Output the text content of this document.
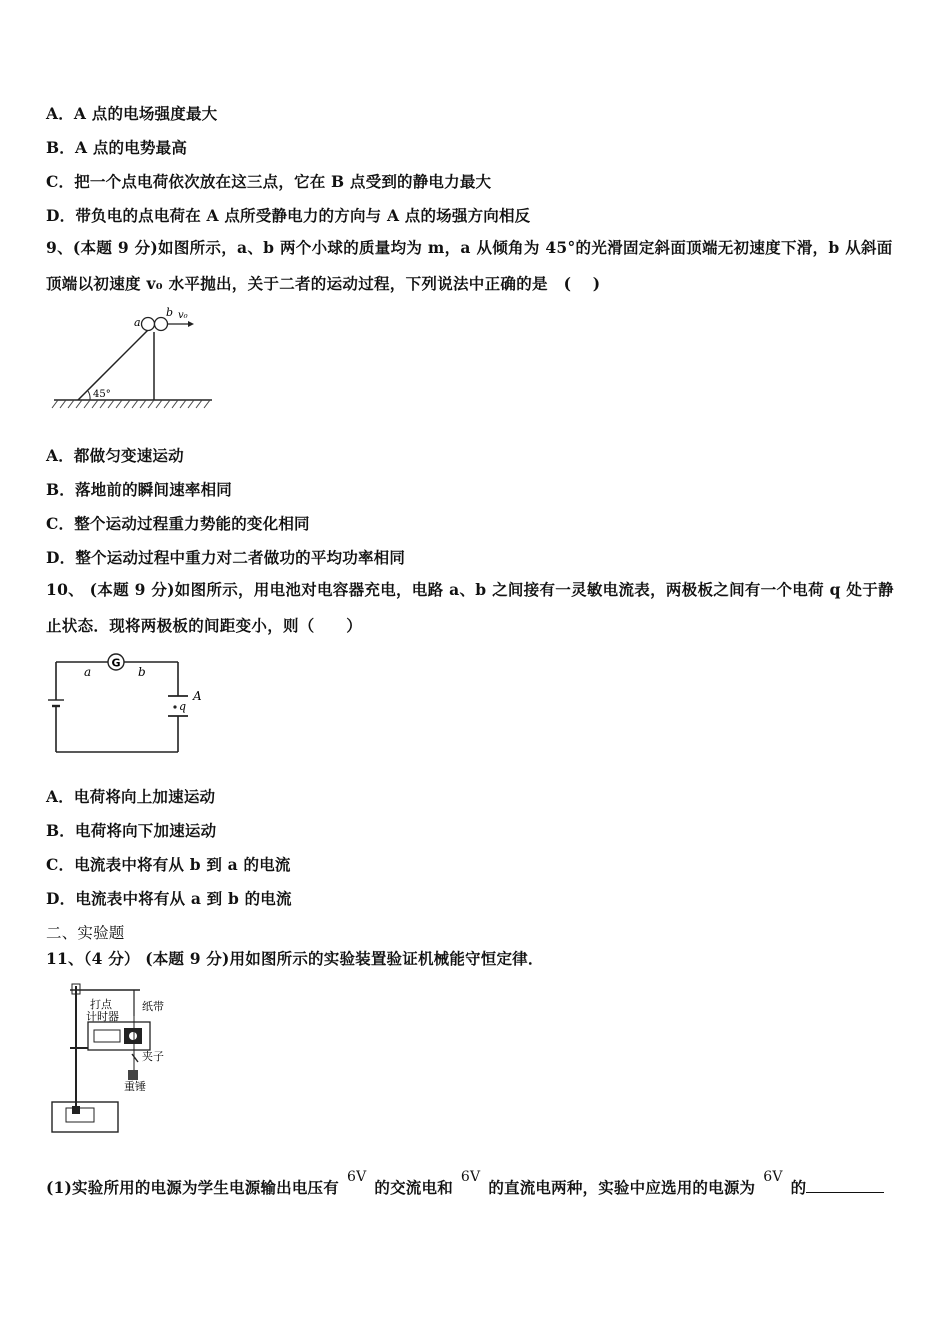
A．A 点的电场强度最大
B．A 点的电势最高
C．把一个点电荷依次放在这三点，它在 B 点受到的静电力最大
D．带负电的点电荷在 A 点所受静电力的方向与 A 点的场强方向相反
9、(本题 9 分)如图所示，a、b 两个小球的质量均为 m，a 从倾角为 45°的光滑固定斜面顶端无初速度下滑，b 从斜面顶端以初速度 v₀ 水平抛出，关于二者的运动过程，下列说法中正确的是　( 　)
a
b v₀
45°
A．都做匀变速运动
B．落地前的瞬间速率相同
C．整个运动过程重力势能的变化相同
D．整个运动过程中重力对二者做功的平均功率相同
10、 (本题 9 分)如图所示，用电池对电容器充电，电路 a、b 之间接有一灵敏电流表，两极板之间有一个电荷 q 处于静止状态．现将两极板的间距变小，则（　　）
G
a	b
q
A
A．电荷将向上加速运动
B．电荷将向下加速运动
C．电流表中将有从 b 到 a 的电流
D．电流表中将有从 a 到 b 的电流
二、实验题
11、（4 分） (本题 9 分)用如图所示的实验装置验证机械能守恒定律．
打点
计时器
纸带
夹子
重锤
(1)实验所用的电源为学生电源输出电压有6V的交流电和6V的直流电两种，实验中应选用的电源为6V的
